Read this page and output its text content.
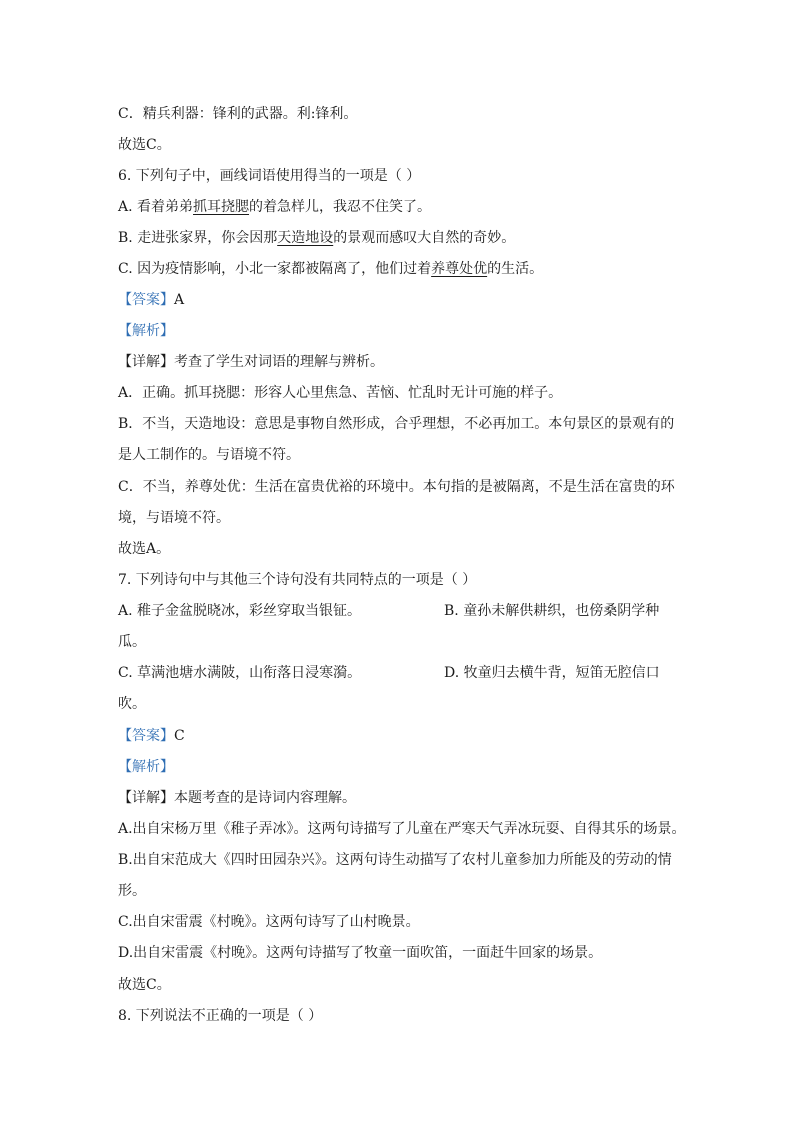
C．精兵利器：锋利的武器。利:锋利。
故选C。
6. 下列句子中，画线词语使用得当的一项是（ ）
A. 看着弟弟抓耳挠腮的着急样儿，我忍不住笑了。
B. 走进张家界，你会因那天造地设的景观而感叹大自然的奇妙。
C. 因为疫情影响，小北一家都被隔离了，他们过着养尊处优的生活。
【答案】A
【解析】
【详解】考查了学生对词语的理解与辨析。
A．正确。抓耳挠腮：形容人心里焦急、苦恼、忙乱时无计可施的样子。
B．不当，天造地设：意思是事物自然形成，合乎理想，不必再加工。本句景区的景观有的
是人工制作的。与语境不符。
C．不当，养尊处优：生活在富贵优裕的环境中。本句指的是被隔离，不是生活在富贵的环
境，与语境不符。
故选A。
7. 下列诗句中与其他三个诗句没有共同特点的一项是（ ）
A. 稚子金盆脱晓冰，彩丝穿取当银钲。	B. 童孙未解供耕织，也傍桑阴学种
瓜。
C. 草满池塘水满陂，山衔落日浸寒漪。	D. 牧童归去横牛背，短笛无腔信口
吹。
【答案】C
【解析】
【详解】本题考查的是诗词内容理解。
A.出自宋杨万里《稚子弄冰》。这两句诗描写了儿童在严寒天气弄冰玩耍、自得其乐的场景。
B.出自宋范成大《四时田园杂兴》。这两句诗生动描写了农村儿童参加力所能及的劳动的情
形。
C.出自宋雷震《村晚》。这两句诗写了山村晚景。
D.出自宋雷震《村晚》。这两句诗描写了牧童一面吹笛，一面赶牛回家的场景。
故选C。
8. 下列说法不正确的一项是（ ）
